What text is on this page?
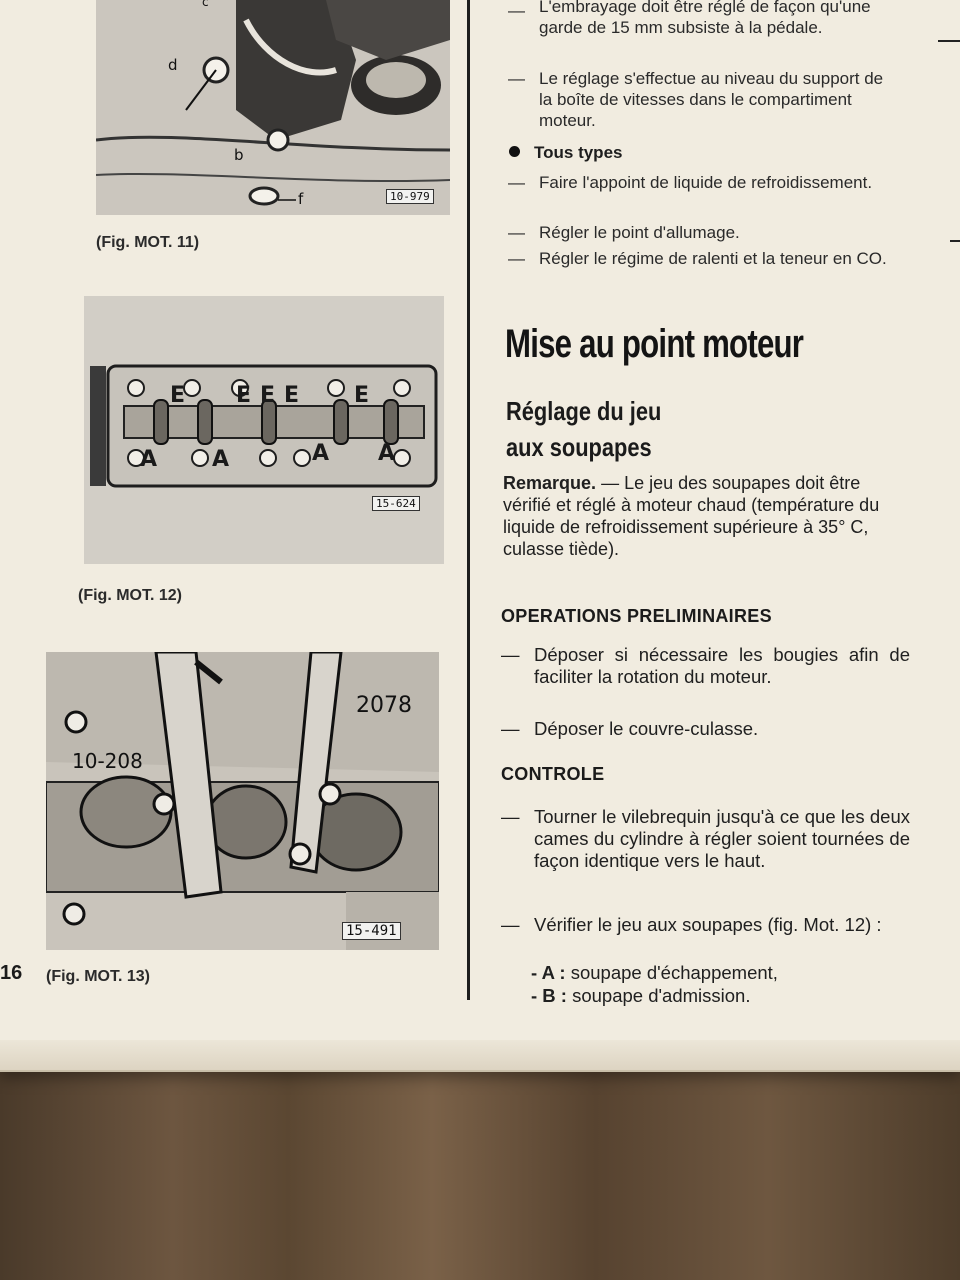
d
b
f
c
10-979
(Fig. MOT. 11)
E E E E E
A A	A A
15-624
(Fig. MOT. 12)
2078
10-208
15-491
16 (Fig. MOT. 13)
— L'embrayage doit être réglé de façon qu'une garde de 15 mm subsiste à la pédale.
— Le réglage s'effectue au niveau du support de la boîte de vitesses dans le compartiment moteur.
Tous types
— Faire l'appoint de liquide de refroidissement.
— Régler le point d'allumage.
— Régler le régime de ralenti et la teneur en CO.
Mise au point moteur
Réglage du jeu
aux soupapes
Remarque. — Le jeu des soupapes doit être vérifié et réglé à moteur chaud (température du liquide de refroidissement supérieure à 35° C, culasse tiède).
OPERATIONS PRELIMINAIRES
— Déposer si nécessaire les bougies afin de faciliter la rotation du moteur.
— Déposer le couvre-culasse.
CONTROLE
— Tourner le vilebrequin jusqu'à ce que les deux cames du cylindre à régler soient tournées de façon identique vers le haut.
— Vérifier le jeu aux soupapes (fig. Mot. 12) :
- A : soupape d'échappement,
- B : soupape d'admission.
